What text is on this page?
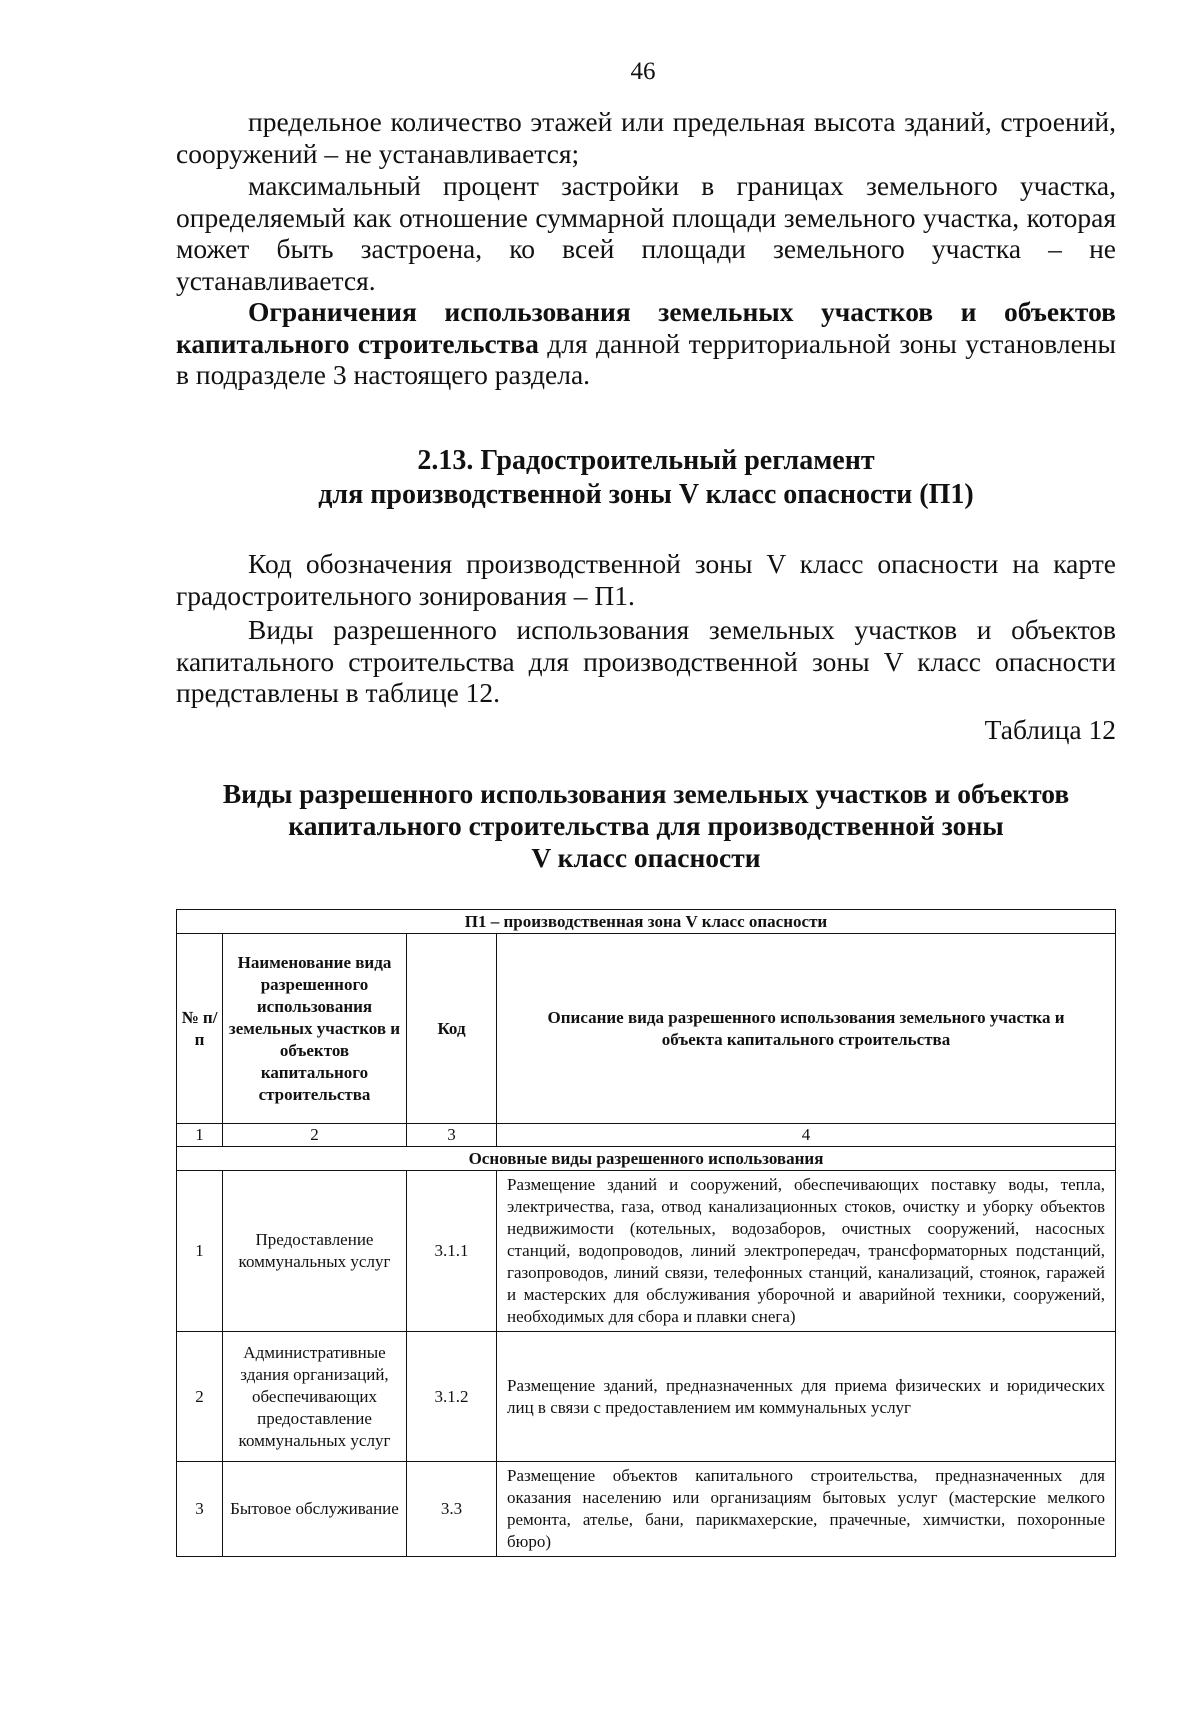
46

предельное количество этажей или предельная высота зданий, строений, сооружений – не устанавливается;

максимальный процент застройки в границах земельного участка, определяемый как отношение суммарной площади земельного участка, которая может быть застроена, ко всей площади земельного участка – не устанавливается.

Ограничения использования земельных участков и объектов капитального строительства для данной территориальной зоны установлены в подразделе 3 настоящего раздела.

2.13. Градостроительный регламент
для производственной зоны V класс опасности (П1)

Код обозначения производственной зоны V класс опасности на карте градостроительного зонирования – П1.

Виды разрешенного использования земельных участков и объектов капитального строительства для производственной зоны V класс опасности представлены в таблице 12.

Таблица 12
Виды разрешенного использования земельных участков и объектов
капитального строительства для производственной зоны
V класс опасности
П1 – производственная зона V класс опасности			
№ п/п	Наименование вида разрешенного использования земельных участков и объектов капитального строительства	Код	Описание вида разрешенного использования земельного участка и объекта капитального строительства
1	2	3	4
Основные виды разрешенного использования			
1	Предоставление коммунальных услуг	3.1.1	Размещение зданий и сооружений, обеспечивающих поставку воды, тепла, электричества, газа, отвод канализационных стоков, очистку и уборку объектов недвижимости (котельных, водозаборов, очистных сооружений, насосных станций, водопроводов, линий электропередач, трансформаторных подстанций, газопроводов, линий связи, телефонных станций, канализаций, стоянок, гаражей и мастерских для обслуживания уборочной и аварийной техники, сооружений, необходимых для сбора и плавки снега)
2	Административные здания организаций, обеспечивающих предоставление коммунальных услуг	3.1.2	Размещение зданий, предназначенных для приема физических и юридических лиц в связи с предоставлением им коммунальных услуг
3	Бытовое обслуживание	3.3	Размещение объектов капитального строительства, предназначенных для оказания населению или организациям бытовых услуг (мастерские мелкого ремонта, ателье, бани, парикмахерские, прачечные, химчистки, похоронные бюро)
